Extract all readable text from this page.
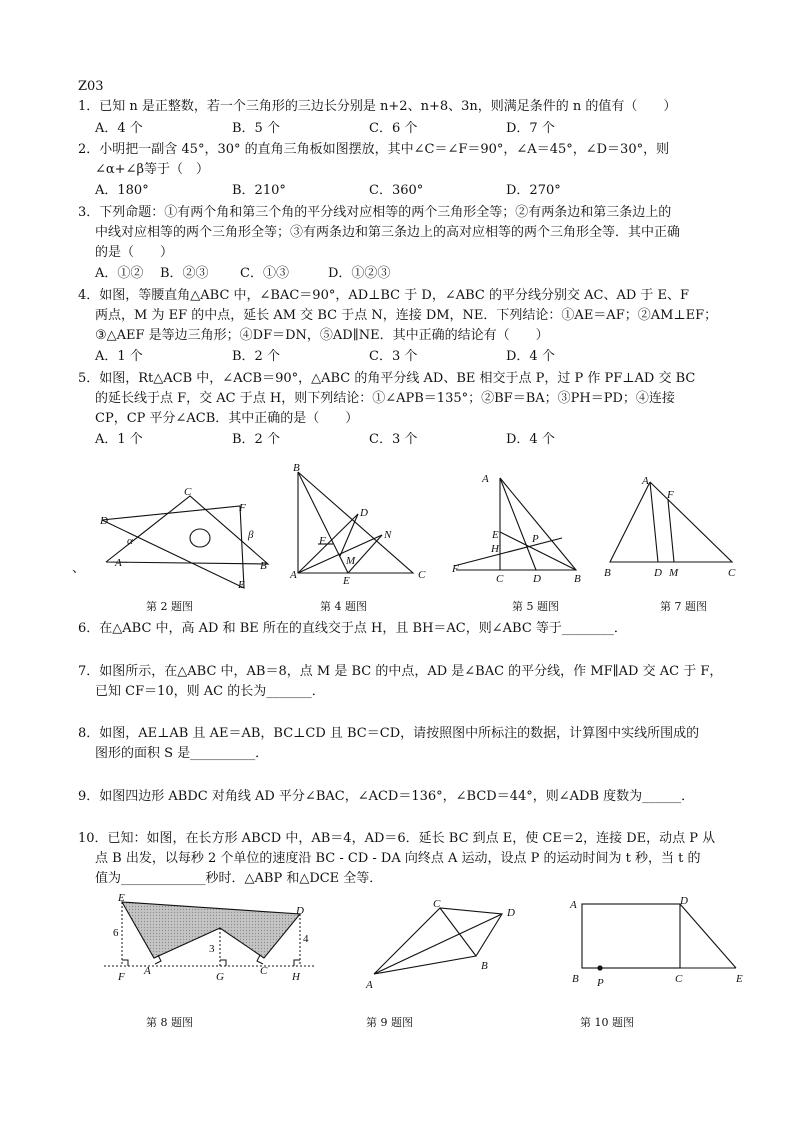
Z03
1．已知 n 是正整数，若一个三角形的三边长分别是 n+2、n+8、3n，则满足条件的 n 的值有（　　）
A．4 个	B．5 个	C．6 个	D．7 个
2．小明把一副含 45°，30° 的直角三角板如图摆放，其中∠C＝∠F＝90°，∠A＝45°，∠D＝30°，则
∠α+∠β等于（　）
A．180°	B．210°	C．360°	D．270°
3．下列命题：①有两个角和第三个角的平分线对应相等的两个三角形全等；②有两条边和第三条边上的
中线对应相等的两个三角形全等；③有两条边和第三条边上的高对应相等的两个三角形全等．其中正确
的是（　　）
A．①② B．②③ C．①③	D．①②③
4．如图，等腰直角△ABC 中，∠BAC＝90°，AD⊥BC 于 D，∠ABC 的平分线分别交 AC、AD 于 E、F
两点，M 为 EF 的中点，延长 AM 交 BC 于点 N，连接 DM，NE．下列结论：①AE＝AF；②AM⊥EF；
③△AEF 是等边三角形；④DF＝DN，⑤AD∥NE．其中正确的结论有（　　）
A．1 个	B．2 个	C．3 个	D．4 个
5．如图，Rt△ACB 中，∠ACB＝90°，△ABC 的角平分线 AD、BE 相交于点 P，过 P 作 PF⊥AD 交 BC
的延长线于点 F，交 AC 于点 H，则下列结论：①∠APB＝135°；②BF＝BA；③PH＝PD；④连接
CP，CP 平分∠ACB．其中正确的是（　　）
A．1 个	B．2 个	C．3 个	D．4 个
C
D
F
α	β
A	B
E
、
B
D
F	N
M
A	E	C
A
E
H
P
F
C	D	B
A
F
B	D M	C
第 2 题图	第 4 题图	第 5 题图	第 7 题图
6．在△ABC 中，高 AD 和 BE 所在的直线交于点 H，且 BH＝AC，则∠ABC 等于________．
7．如图所示，在△ABC 中，AB＝8，点 M 是 BC 的中点，AD 是∠BAC 的平分线，作 MF∥AD 交 AC 于 F，
已知 CF＝10，则 AC 的长为_______．
8．如图，AE⊥AB 且 AE＝AB，BC⊥CD 且 BC＝CD，请按照图中所标注的数据，计算图中实线所围成的
图形的面积 S 是__________．
9．如图四边形 ABDC 对角线 AD 平分∠BAC，∠ACD＝136°，∠BCD＝44°，则∠ADB 度数为______．
10．已知：如图，在长方形 ABCD 中，AB＝4，AD＝6．延长 BC 到点 E，使 CE＝2，连接 DE，动点 P 从
点 B 出发，以每秒 2 个单位的速度沿 BC - CD - DA 向终点 A 运动，设点 P 的运动时间为 t 秒，当 t 的
值为_____________秒时．△ABP 和△DCE 全等．
E
D
6
3
4
F A	G	C H
C
D
B
A
A	D
B P	C	E
第 8 题图	第 9 题图	第 10 题图
